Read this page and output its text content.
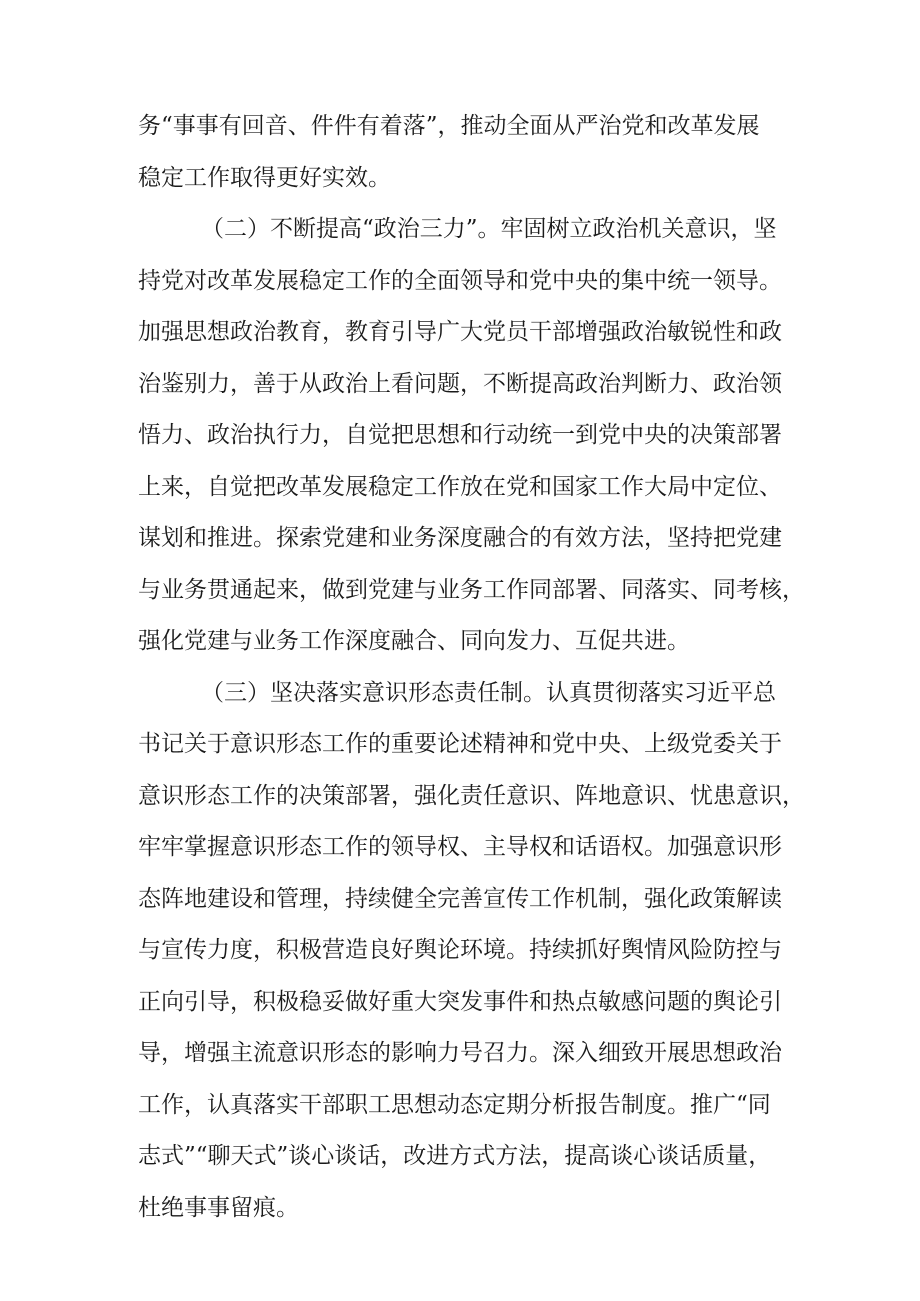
务“事事有回音、件件有着落”，推动全面从严治党和改革发展
稳定工作取得更好实效。
（二）不断提高“政治三力”。牢固树立政治机关意识，坚
持党对改革发展稳定工作的全面领导和党中央的集中统一领导。
加强思想政治教育，教育引导广大党员干部增强政治敏锐性和政
治鉴别力，善于从政治上看问题，不断提高政治判断力、政治领
悟力、政治执行力，自觉把思想和行动统一到党中央的决策部署
上来，自觉把改革发展稳定工作放在党和国家工作大局中定位、
谋划和推进。探索党建和业务深度融合的有效方法，坚持把党建
与业务贯通起来，做到党建与业务工作同部署、同落实、同考核，
强化党建与业务工作深度融合、同向发力、互促共进。
（三）坚决落实意识形态责任制。认真贯彻落实习近平总
书记关于意识形态工作的重要论述精神和党中央、上级党委关于
意识形态工作的决策部署，强化责任意识、阵地意识、忧患意识，
牢牢掌握意识形态工作的领导权、主导权和话语权。加强意识形
态阵地建设和管理，持续健全完善宣传工作机制，强化政策解读
与宣传力度，积极营造良好舆论环境。持续抓好舆情风险防控与
正向引导，积极稳妥做好重大突发事件和热点敏感问题的舆论引
导，增强主流意识形态的影响力号召力。深入细致开展思想政治
工作，认真落实干部职工思想动态定期分析报告制度。推广“同
志式”“聊天式”谈心谈话，改进方式方法，提高谈心谈话质量，
杜绝事事留痕。
